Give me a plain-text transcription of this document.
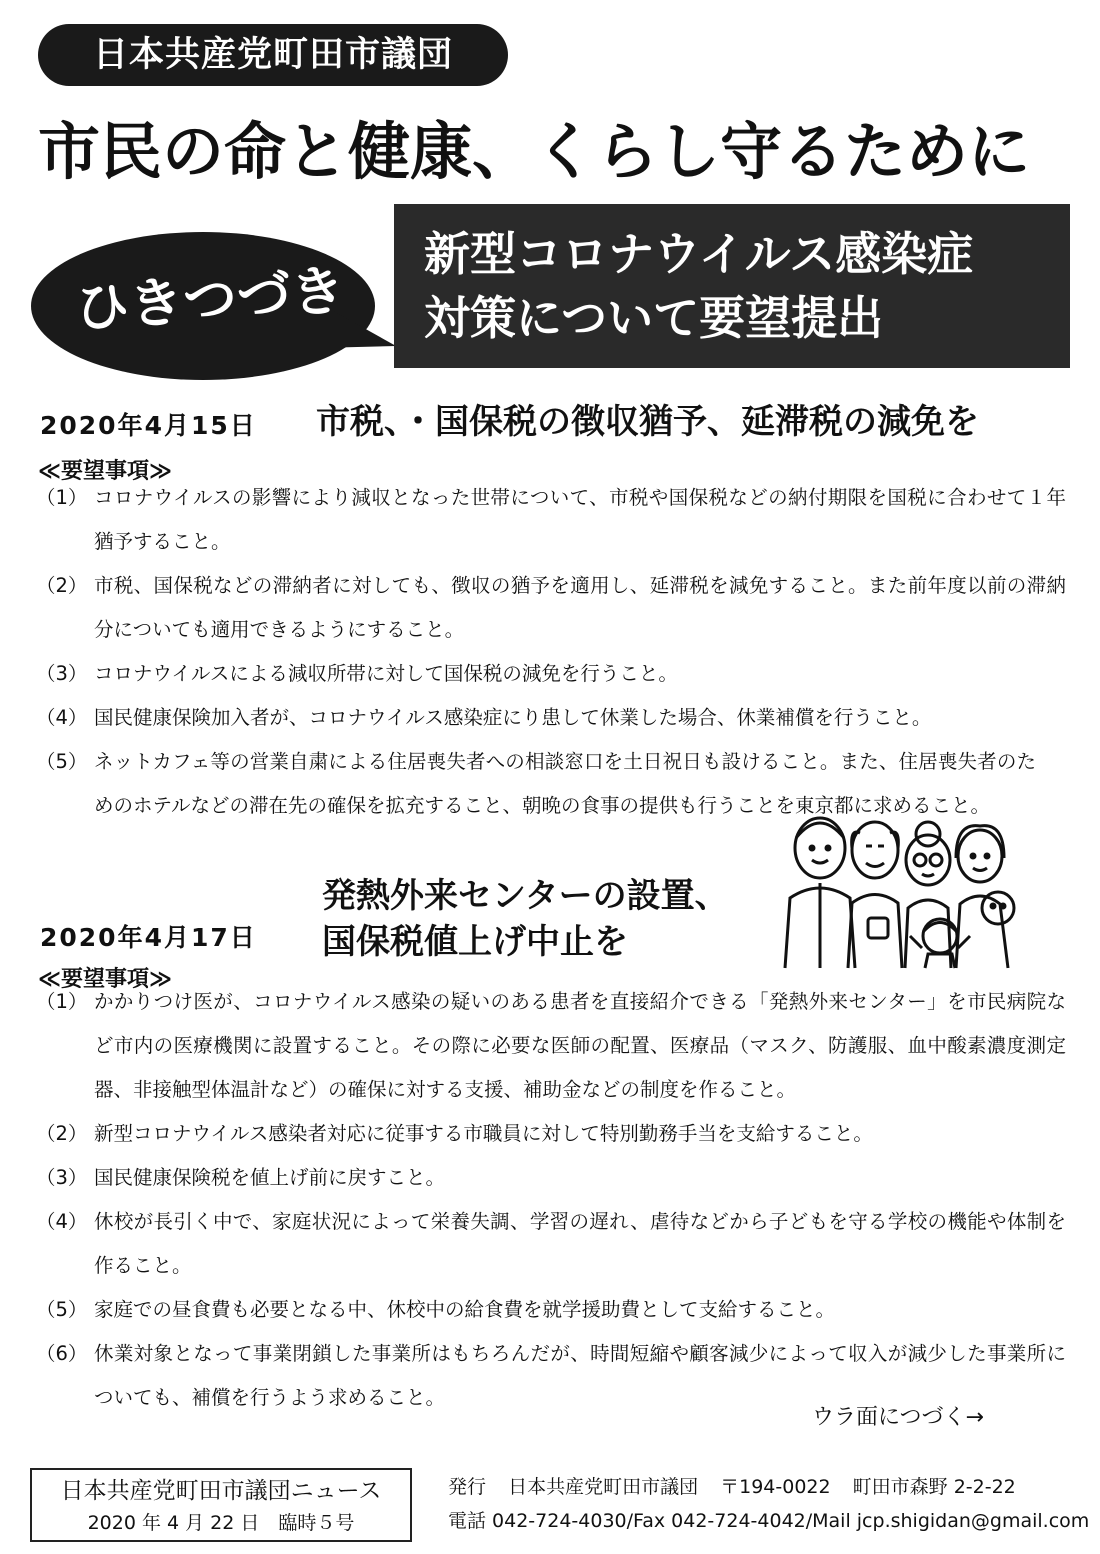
日本共産党町田市議団
市民の命と健康、くらし守るために
ひきつづき
新型コロナウイルス感染症
対策について要望提出
2020年4月15日 市税、・国保税の徴収猶予、延滞税の減免を
≪要望事項≫
（1） コロナウイルスの影響により減収となった世帯について、市税や国保税などの納付期限を国税に合わせて１年猶予すること。
（2） 市税、国保税などの滞納者に対しても、徴収の猶予を適用し、延滞税を減免すること。また前年度以前の滞納分についても適用できるようにすること。
（3） コロナウイルスによる減収所帯に対して国保税の減免を行うこと。
（4） 国民健康保険加入者が、コロナウイルス感染症にり患して休業した場合、休業補償を行うこと。
（5） ネットカフェ等の営業自粛による住居喪失者への相談窓口を土日祝日も設けること。また、住居喪失者のためのホテルなどの滞在先の確保を拡充すること、朝晩の食事の提供も行うことを東京都に求めること。
発熱外来センターの設置、
2020年4月17日 国保税値上げ中止を
≪要望事項≫
（1） かかりつけ医が、コロナウイルス感染の疑いのある患者を直接紹介できる「発熱外来センター」を市民病院など市内の医療機関に設置すること。その際に必要な医師の配置、医療品（マスク、防護服、血中酸素濃度測定器、非接触型体温計など）の確保に対する支援、補助金などの制度を作ること。
（2） 新型コロナウイルス感染者対応に従事する市職員に対して特別勤務手当を支給すること。
（3） 国民健康保険税を値上げ前に戻すこと。
（4） 休校が長引く中で、家庭状況によって栄養失調、学習の遅れ、虐待などから子どもを守る学校の機能や体制を作ること。
（5） 家庭での昼食費も必要となる中、休校中の給食費を就学援助費として支給すること。
（6） 休業対象となって事業閉鎖した事業所はもちろんだが、時間短縮や顧客減少によって収入が減少した事業所についても、補償を行うよう求めること。
ウラ面につづく→
日本共産党町田市議団ニュース
2020 年 4 月 22 日　臨時５号
発行 日本共産党町田市議団 〒194-0022 町田市森野 2-2-22
電話 042-724-4030/Fax 042-724-4042/Mail jcp.shigidan@gmail.com
